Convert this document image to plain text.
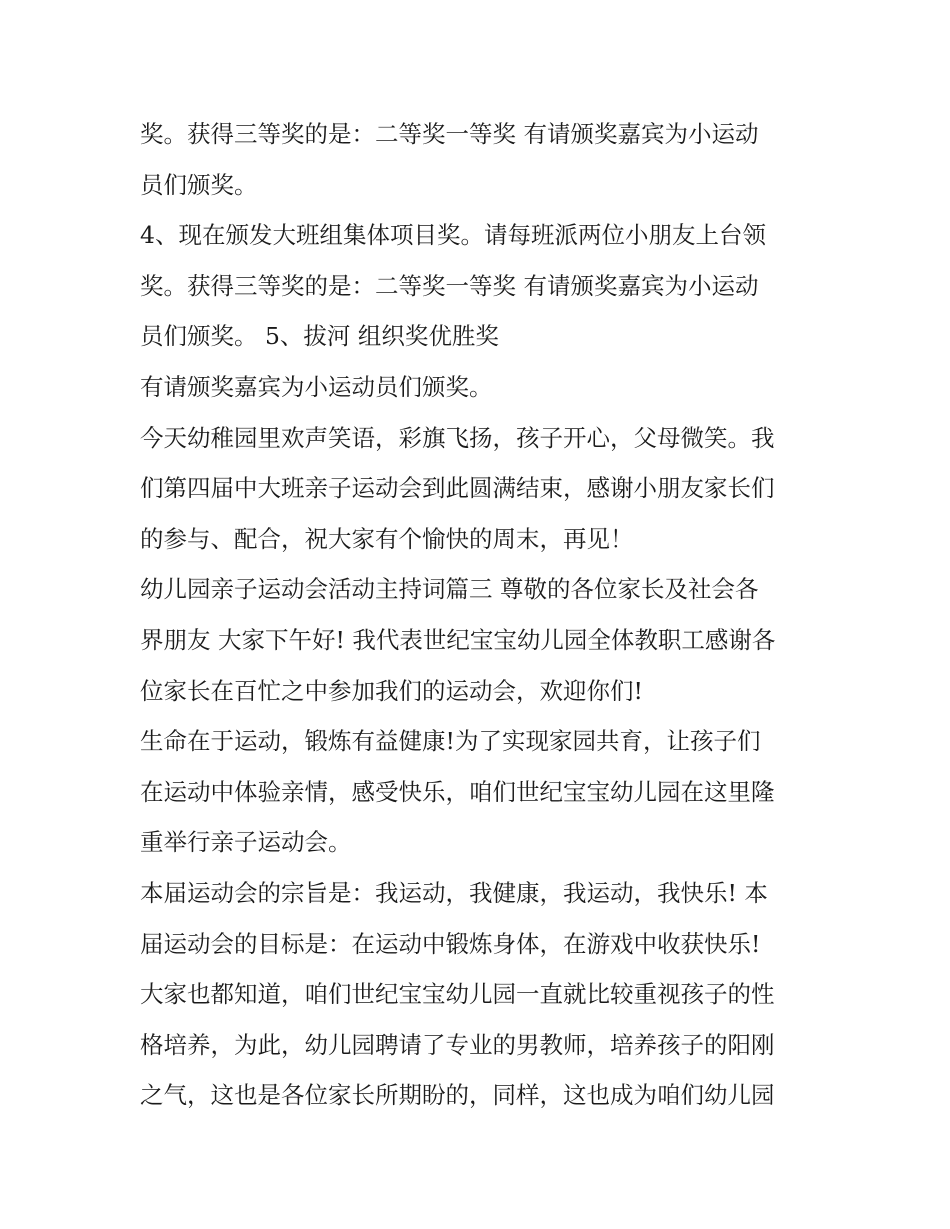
奖。获得三等奖的是：二等奖一等奖 有请颁奖嘉宾为小运动
员们颁奖。
4、现在颁发大班组集体项目奖。请每班派两位小朋友上台领
奖。获得三等奖的是：二等奖一等奖 有请颁奖嘉宾为小运动
员们颁奖。 5、拔河 组织奖优胜奖
有请颁奖嘉宾为小运动员们颁奖。
今天幼稚园里欢声笑语，彩旗飞扬，孩子开心，父母微笑。我
们第四届中大班亲子运动会到此圆满结束，感谢小朋友家长们
的参与、配合，祝大家有个愉快的周末，再见！
幼儿园亲子运动会活动主持词篇三 尊敬的各位家长及社会各
界朋友 大家下午好! 我代表世纪宝宝幼儿园全体教职工感谢各
位家长在百忙之中参加我们的运动会，欢迎你们!
生命在于运动，锻炼有益健康!为了实现家园共育，让孩子们
在运动中体验亲情，感受快乐，咱们世纪宝宝幼儿园在这里隆
重举行亲子运动会。
本届运动会的宗旨是：我运动，我健康，我运动，我快乐! 本
届运动会的目标是：在运动中锻炼身体，在游戏中收获快乐!
大家也都知道，咱们世纪宝宝幼儿园一直就比较重视孩子的性
格培养，为此，幼儿园聘请了专业的男教师，培养孩子的阳刚
之气，这也是各位家长所期盼的，同样，这也成为咱们幼儿园
